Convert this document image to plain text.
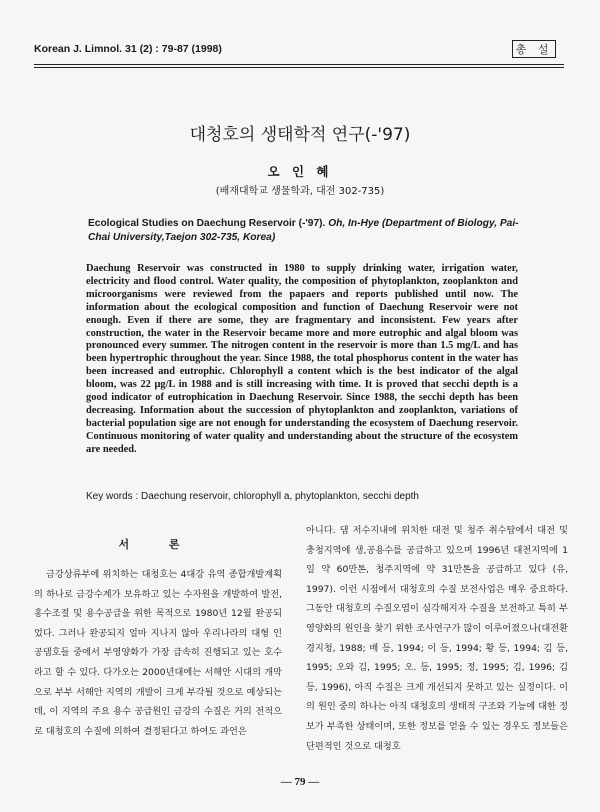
Korean J. Limnol. 31 (2) : 79-87 (1998)	총 설
대청호의 생태학적 연구(-'97)
오 인 혜
(배재대학교 생물학과, 대전 302-735)
Ecological Studies on Daechung Reservoir (-'97). Oh, In-Hye (Department of Biology, Pai-Chai University,Taejon 302-735, Korea)
Daechung Reservoir was constructed in 1980 to supply drinking water, irrigation water, electricity and flood control. Water quality, the composition of phytoplankton, zooplankton and microorganisms were reviewed from the papaers and reports published until now. The information about the ecological composition and function of Daechung Reservoir were not enough. Even if there are some, they are fragmentary and inconsistent. Few years after construction, the water in the Reservoir became more and more eutrophic and algal bloom was pronounced every summer. The nitrogen content in the reservoir is more than 1.5 mg/L and has been hypertrophic throughout the year. Since 1988, the total phosphorus content in the water has been increased and eutrophic. Chlorophyll a content which is the best indicator of the algal bloom, was 22 μg/L in 1988 and is still increasing with time. It is proved that secchi depth is a good indicator of eutrophication in Daechung Reservoir. Since 1988, the secchi depth has been decreasing. Information about the succession of phytoplankton and zooplankton, variations of bacterial population sige are not enough for understanding the ecosystem of Daechung reservoir. Continuous monitoring of water quality and understanding about the structure of the ecosystem are needed.
Key words : Daechung reservoir, chlorophyll a, phytoplankton, secchi depth
서 론

금강상류부에 위치하는 대청호는 4대강 유역 종합개발계획의 하나로 금강수계가 보유하고 있는 수자원을 개발하여 발전, 홍수조절 및 용수공급을 위한 목적으로 1980년 12월 완공되었다. 그러나 완공되지 얼마 지나지 않아 우리나라의 대형 인공댐호들 중에서 부영양화가 가장 급속히 진행되고 있는 호수라고 할 수 있다. 다가오는 2000년대에는 서해안 시대의 개막으로 부부 서해안 지역의 개발이 크게 부각될 것으로 예상되는데, 이 지역의 주요 용수 공급원인 금강의 수질은 거의 전적으로 대청호의 수질에 의하여 결정된다고 하여도 과언은

아니다. 댐 저수지내에 위치한 대전 및 청주 취수탑에서 대전 및 충청지역에 생,공용수를 공급하고 있으며 1996년 대전지역에 1일 약 60만톤, 청주지역에 약 31만톤을 공급하고 있다 (유, 1997). 이런 시점에서 대청호의 수질 보전사업은 매우 중요하다. 그동안 대청호의 수질오염이 심각해지자 수질을 보전하고 특히 부영양화의 원인을 찾기 위한 조사연구가 많이 이루어졌으나(대전환경지청, 1988; 배 등, 1994; 이 등, 1994; 황 등, 1994; 김 등, 1995; 오와 김, 1995; 오. 등, 1995; 정, 1995; 김, 1996; 김 등, 1996), 아직 수질은 크게 개선되지 못하고 있는 실정이다. 이의 원인 중의 하나는 아직 대청호의 생태적 구조와 기능에 대한 정보가 부족한 상태이며, 또한 정보를 얻을 수 있는 경우도 정보들은 단편적인 것으로 대청호

— 79 —
